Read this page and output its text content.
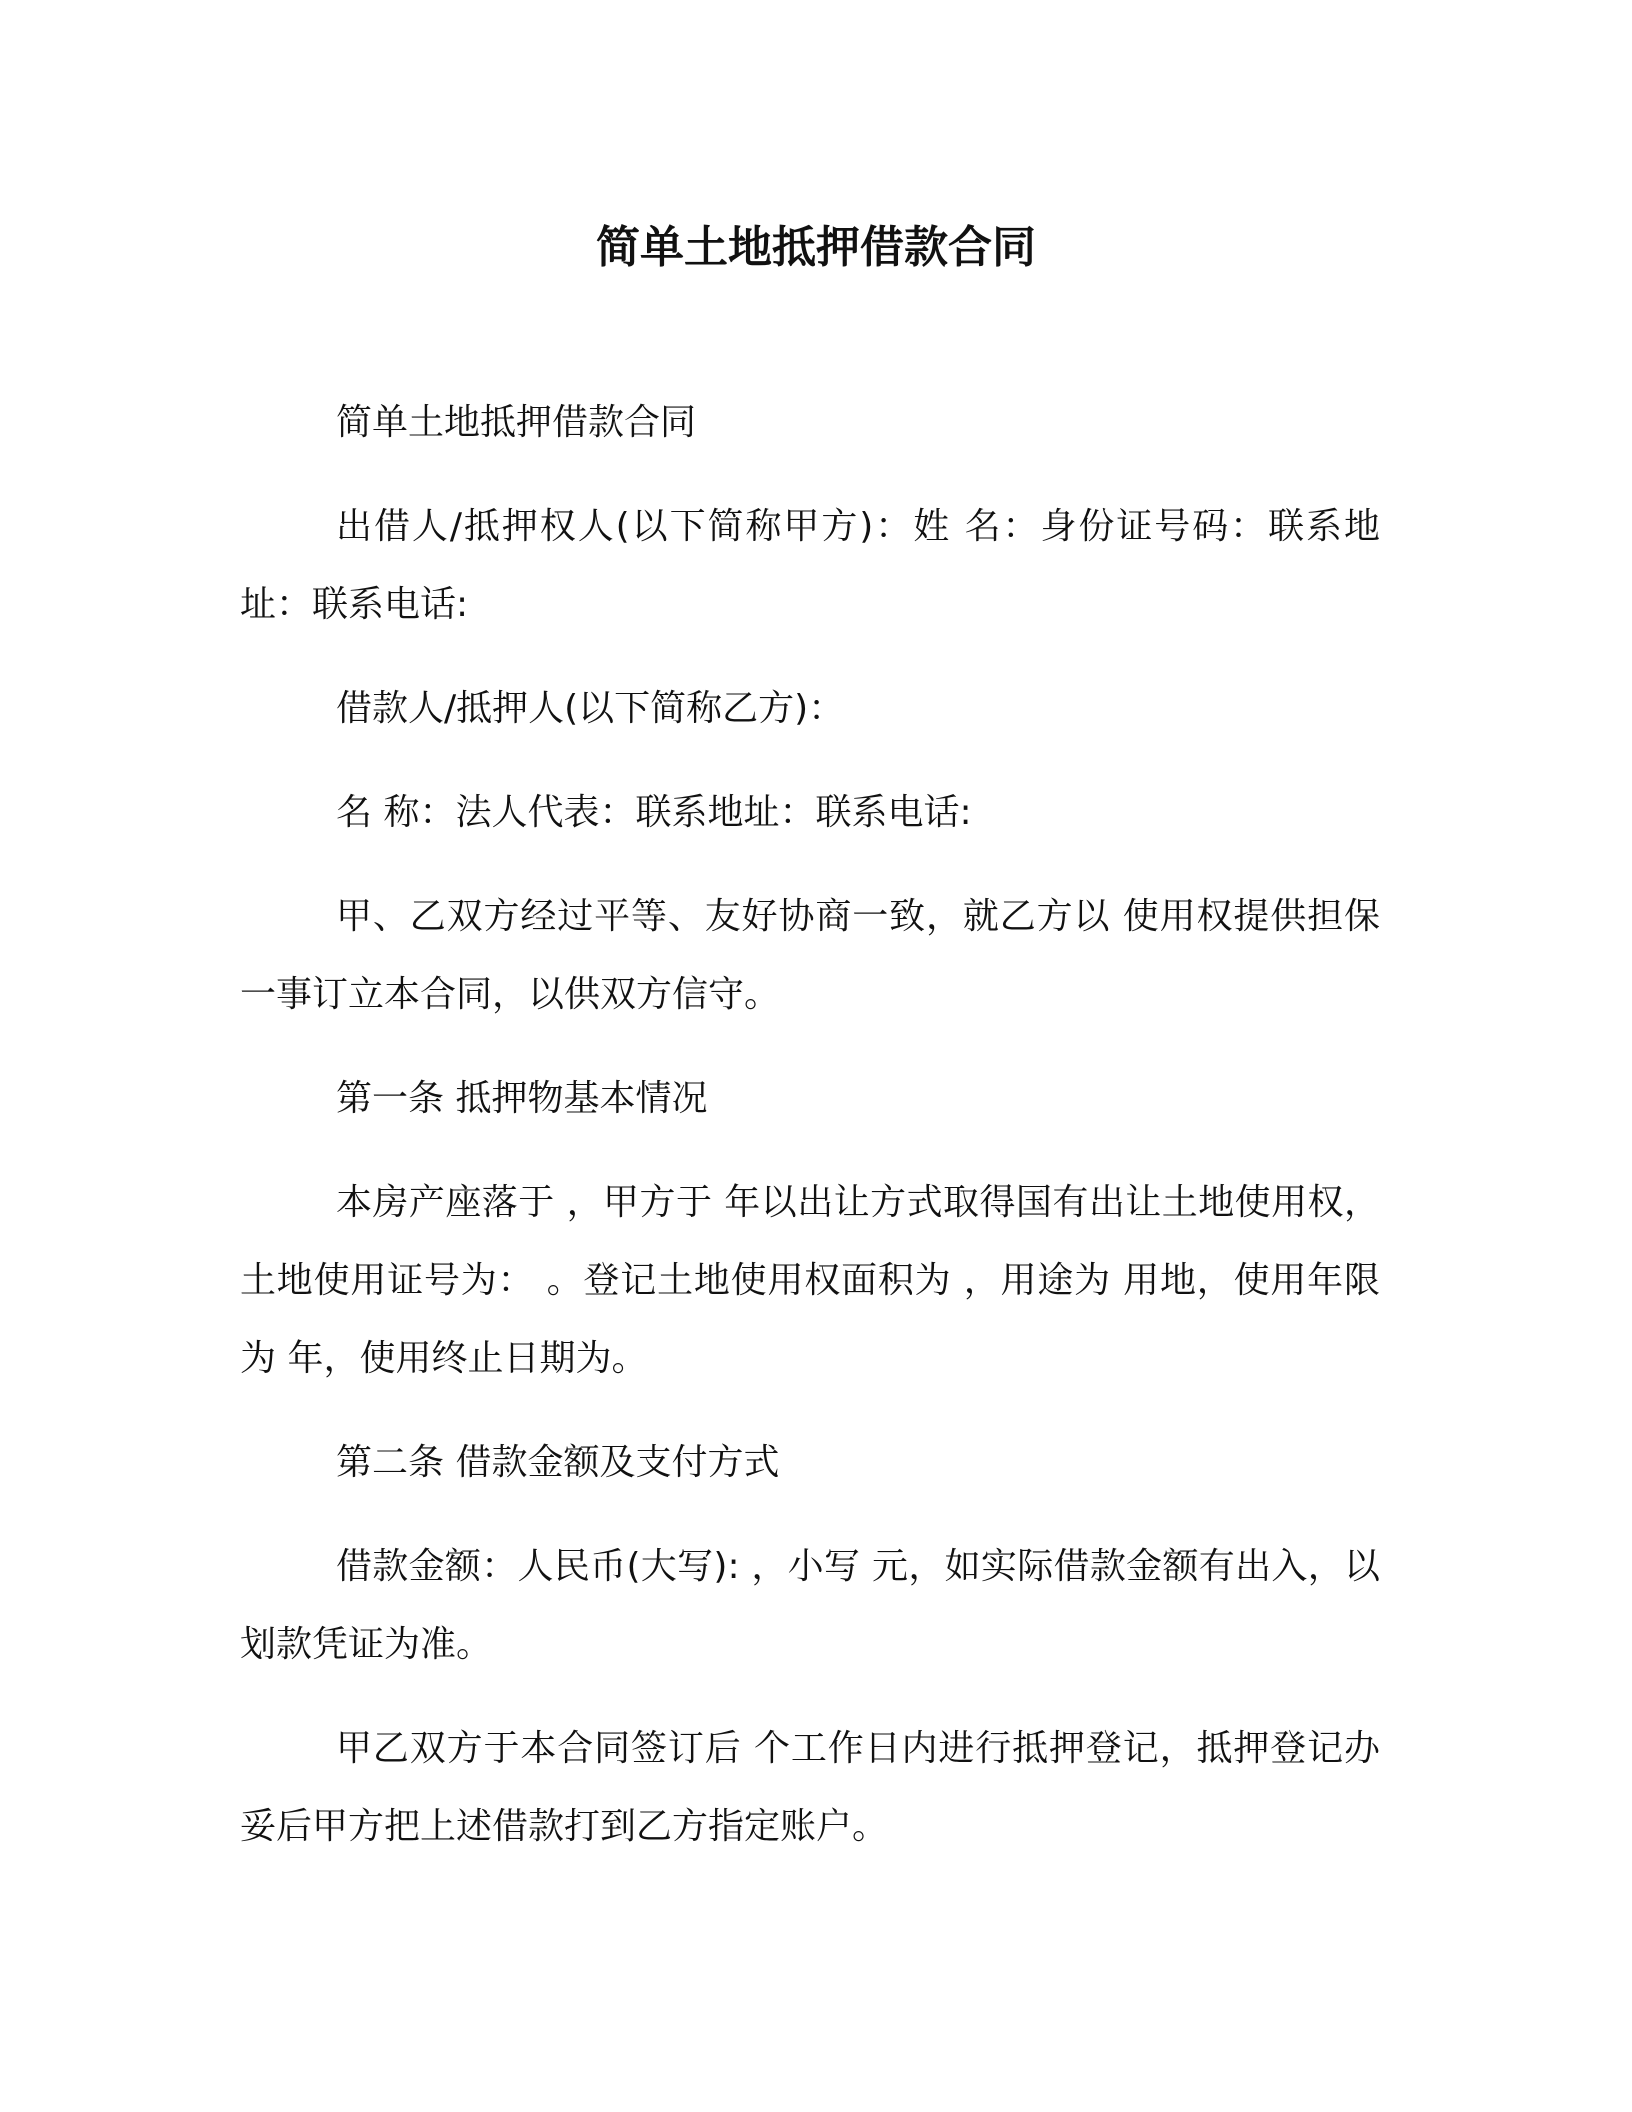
简单土地抵押借款合同

简单土地抵押借款合同

出借人/抵押权人(以下简称甲方)：姓 名：身份证号码：联系地址：联系电话:

借款人/抵押人(以下简称乙方)：

名 称：法人代表：联系地址：联系电话:

甲、乙双方经过平等、友好协商一致，就乙方以 使用权提供担保一事订立本合同，以供双方信守。

第一条 抵押物基本情况

本房产座落于 ，甲方于 年以出让方式取得国有出让土地使用权，土地使用证号为： 。登记土地使用权面积为 ，用途为 用地，使用年限为 年，使用终止日期为。

第二条 借款金额及支付方式

借款金额：人民币(大写): ，小写 元，如实际借款金额有出入，以划款凭证为准。

甲乙双方于本合同签订后 个工作日内进行抵押登记，抵押登记办妥后甲方把上述借款打到乙方指定账户。
